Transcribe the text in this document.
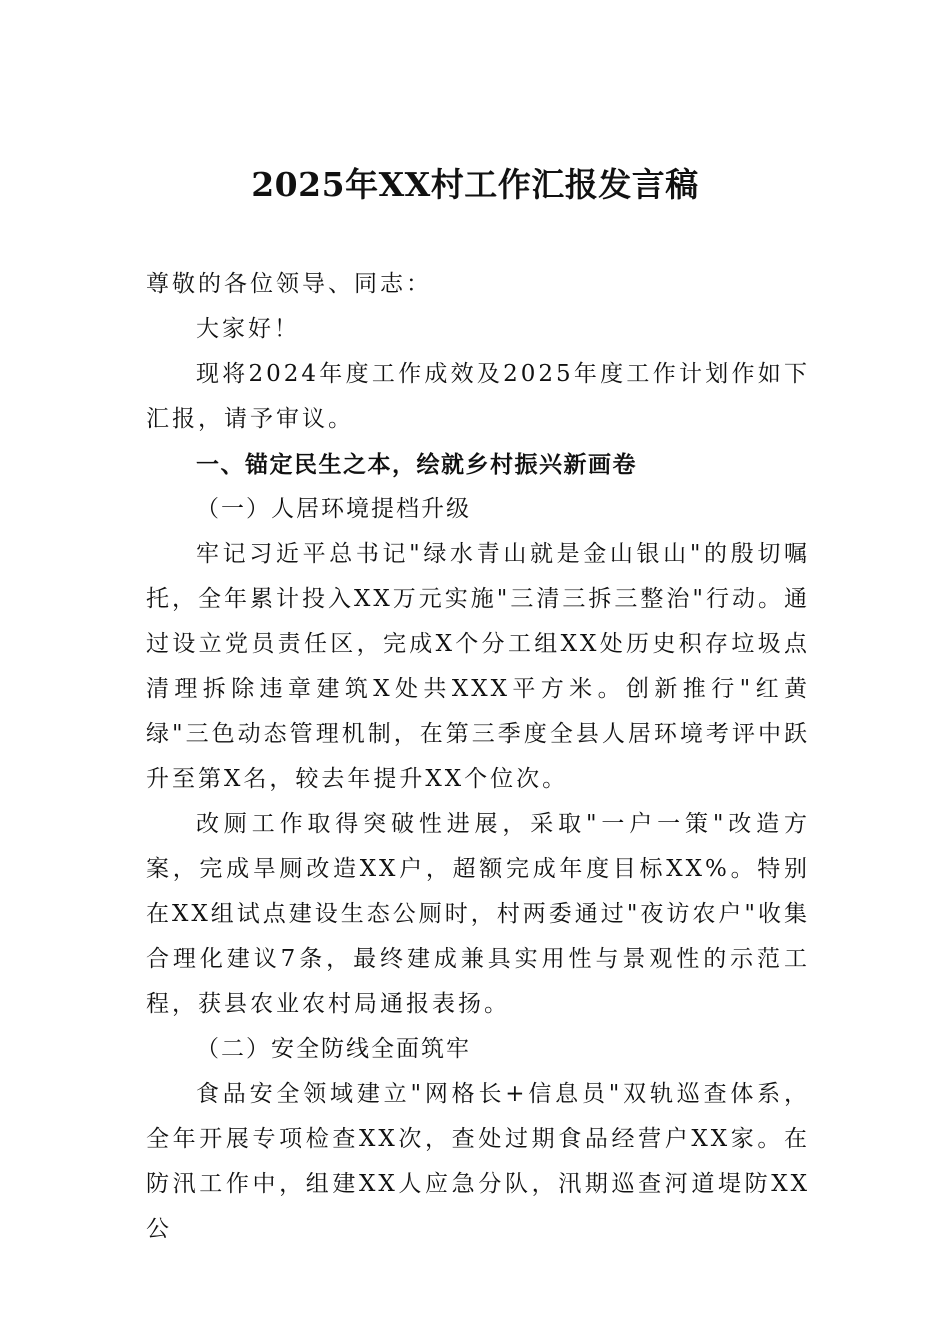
2025年XX村工作汇报发言稿

尊敬的各位领导、同志：

大家好！

现将2024年度工作成效及2025年度工作计划作如下汇报，请予审议。

一、锚定民生之本，绘就乡村振兴新画卷

（一）人居环境提档升级

牢记习近平总书记"绿水青山就是金山银山"的殷切嘱托，全年累计投入XX万元实施"三清三拆三整治"行动。通过设立党员责任区，完成X个分工组XX处历史积存垃圾点清理拆除违章建筑X处共XXX平方米。创新推行"红黄绿"三色动态管理机制，在第三季度全县人居环境考评中跃升至第X名，较去年提升XX个位次。

改厕工作取得突破性进展，采取"一户一策"改造方案，完成旱厕改造XX户，超额完成年度目标XX%。特别在XX组试点建设生态公厕时，村两委通过"夜访农户"收集合理化建议7条，最终建成兼具实用性与景观性的示范工程，获县农业农村局通报表扬。

（二）安全防线全面筑牢

食品安全领域建立"网格长+信息员"双轨巡查体系，全年开展专项检查XX次，查处过期食品经营户XX家。在防汛工作中，组建XX人应急分队，汛期巡查河道堤防XX公
